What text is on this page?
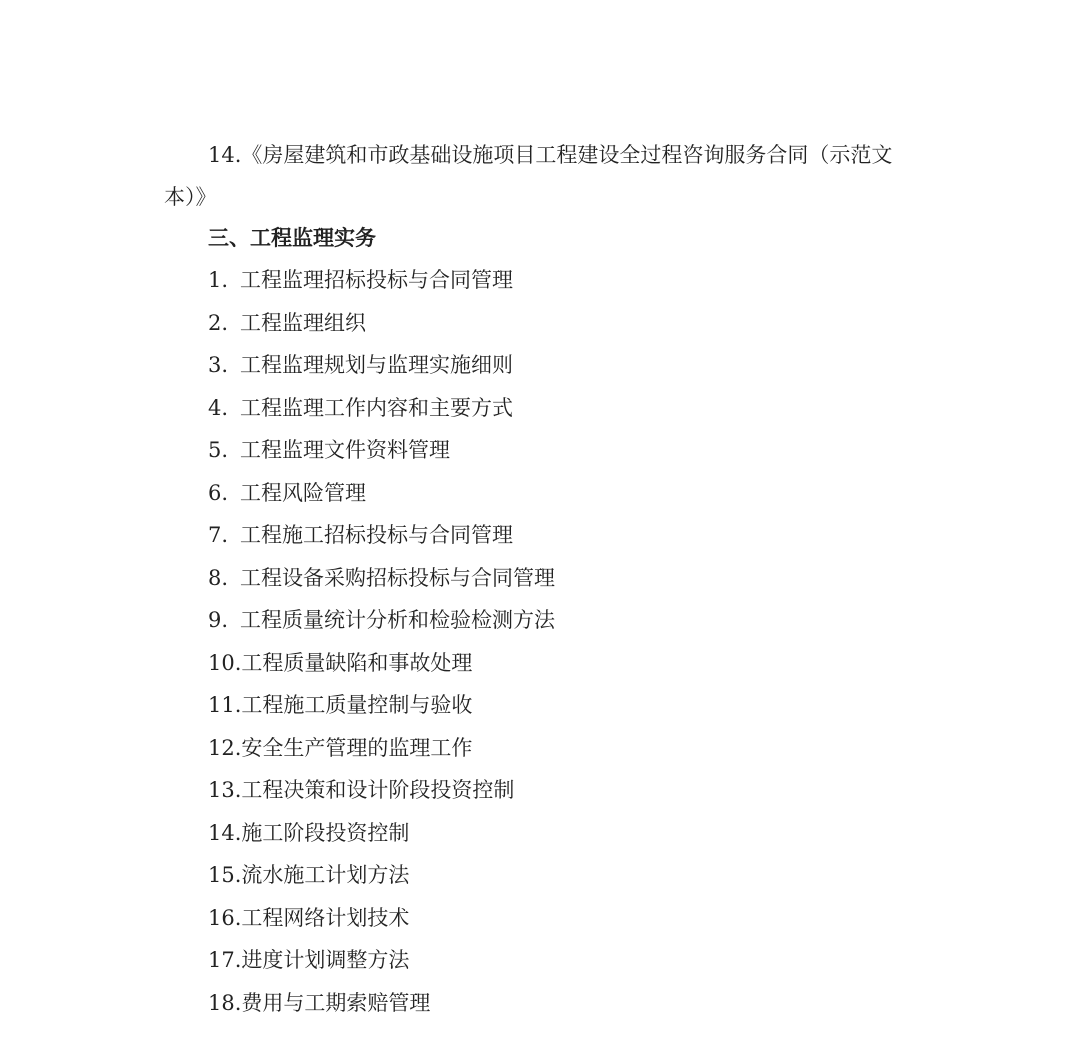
14.《房屋建筑和市政基础设施项目工程建设全过程咨询服务合同（示范文本）》

三、工程监理实务
1. 工程监理招标投标与合同管理
2. 工程监理组织
3. 工程监理规划与监理实施细则
4. 工程监理工作内容和主要方式
5. 工程监理文件资料管理
6. 工程风险管理
7. 工程施工招标投标与合同管理
8. 工程设备采购招标投标与合同管理
9. 工程质量统计分析和检验检测方法
10.工程质量缺陷和事故处理
11.工程施工质量控制与验收
12.安全生产管理的监理工作
13.工程决策和设计阶段投资控制
14.施工阶段投资控制
15.流水施工计划方法
16.工程网络计划技术
17.进度计划调整方法
18.费用与工期索赔管理
